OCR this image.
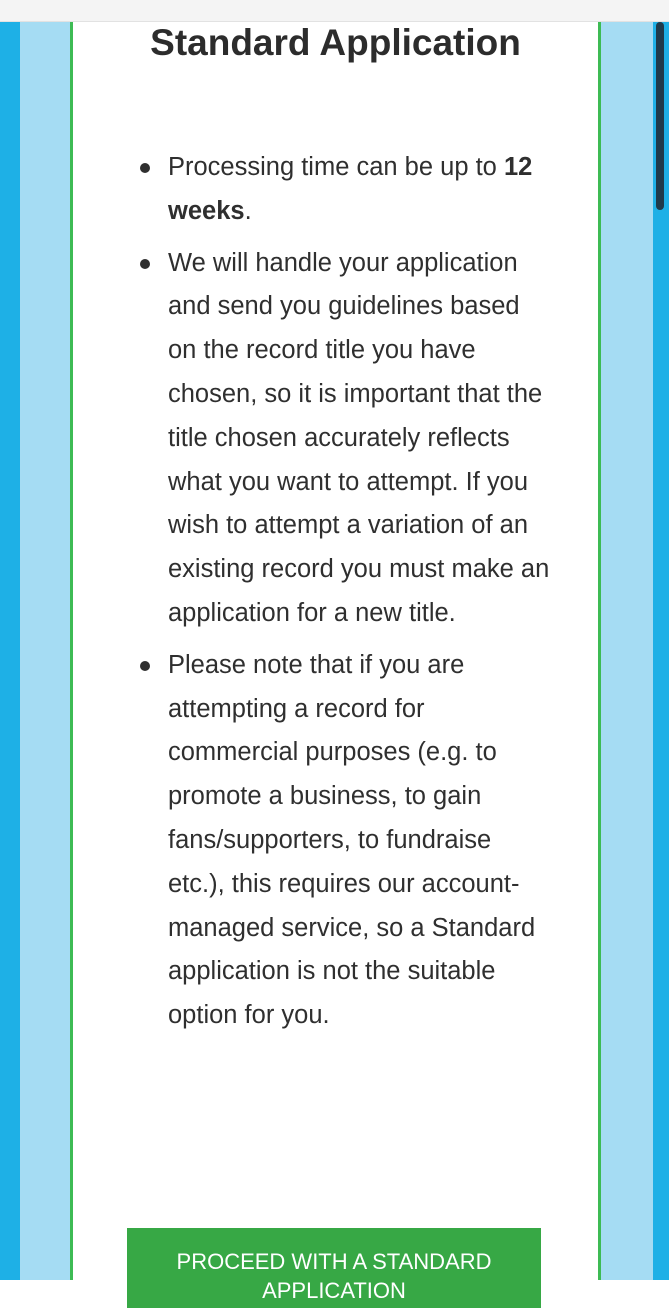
Standard Application
Processing time can be up to 12 weeks.
We will handle your application and send you guidelines based on the record title you have chosen, so it is important that the title chosen accurately reflects what you want to attempt. If you wish to attempt a variation of an existing record you must make an application for a new title.
Please note that if you are attempting a record for commercial purposes (e.g. to promote a business, to gain fans/supporters, to fundraise etc.), this requires our account-managed service, so a Standard application is not the suitable option for you.
PROCEED WITH A STANDARD APPLICATION
